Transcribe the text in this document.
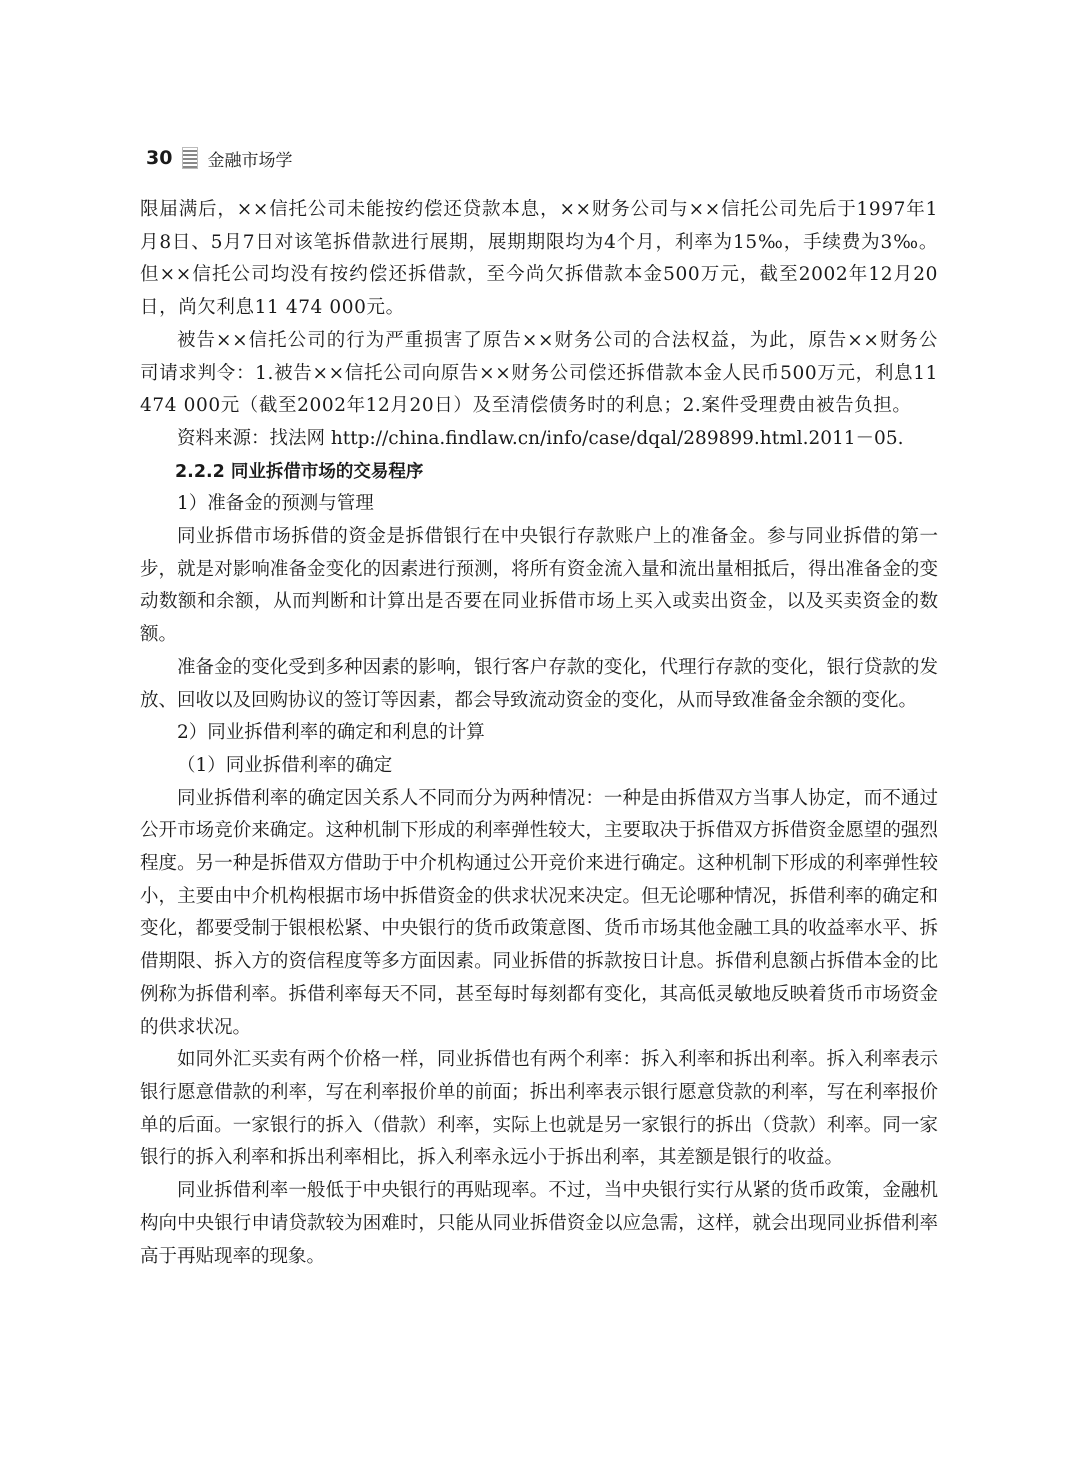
30 金融市场学

限届满后，××信托公司未能按约偿还贷款本息，××财务公司与××信托公司先后于1997年1月8日、5月7日对该笔拆借款进行展期，展期期限均为4个月，利率为15‰，手续费为3‰。但××信托公司均没有按约偿还拆借款，至今尚欠拆借款本金500万元，截至2002年12月20日，尚欠利息11 474 000元。

被告××信托公司的行为严重损害了原告××财务公司的合法权益，为此，原告××财务公司请求判令：1.被告××信托公司向原告××财务公司偿还拆借款本金人民币500万元，利息11 474 000元（截至2002年12月20日）及至清偿债务时的利息；2.案件受理费由被告负担。

资料来源：找法网 http://china.findlaw.cn/info/case/dqal/289899.html.2011－05.

2.2.2 同业拆借市场的交易程序

1）准备金的预测与管理

同业拆借市场拆借的资金是拆借银行在中央银行存款账户上的准备金。参与同业拆借的第一步，就是对影响准备金变化的因素进行预测，将所有资金流入量和流出量相抵后，得出准备金的变动数额和余额，从而判断和计算出是否要在同业拆借市场上买入或卖出资金，以及买卖资金的数额。

准备金的变化受到多种因素的影响，银行客户存款的变化，代理行存款的变化，银行贷款的发放、回收以及回购协议的签订等因素，都会导致流动资金的变化，从而导致准备金余额的变化。

2）同业拆借利率的确定和利息的计算

（1）同业拆借利率的确定

同业拆借利率的确定因关系人不同而分为两种情况：一种是由拆借双方当事人协定，而不通过公开市场竞价来确定。这种机制下形成的利率弹性较大，主要取决于拆借双方拆借资金愿望的强烈程度。另一种是拆借双方借助于中介机构通过公开竞价来进行确定。这种机制下形成的利率弹性较小，主要由中介机构根据市场中拆借资金的供求状况来决定。但无论哪种情况，拆借利率的确定和变化，都要受制于银根松紧、中央银行的货币政策意图、货币市场其他金融工具的收益率水平、拆借期限、拆入方的资信程度等多方面因素。同业拆借的拆款按日计息。拆借利息额占拆借本金的比例称为拆借利率。拆借利率每天不同，甚至每时每刻都有变化，其高低灵敏地反映着货币市场资金的供求状况。

如同外汇买卖有两个价格一样，同业拆借也有两个利率：拆入利率和拆出利率。拆入利率表示银行愿意借款的利率，写在利率报价单的前面；拆出利率表示银行愿意贷款的利率，写在利率报价单的后面。一家银行的拆入（借款）利率，实际上也就是另一家银行的拆出（贷款）利率。同一家银行的拆入利率和拆出利率相比，拆入利率永远小于拆出利率，其差额是银行的收益。

同业拆借利率一般低于中央银行的再贴现率。不过，当中央银行实行从紧的货币政策，金融机构向中央银行申请贷款较为困难时，只能从同业拆借资金以应急需，这样，就会出现同业拆借利率高于再贴现率的现象。
